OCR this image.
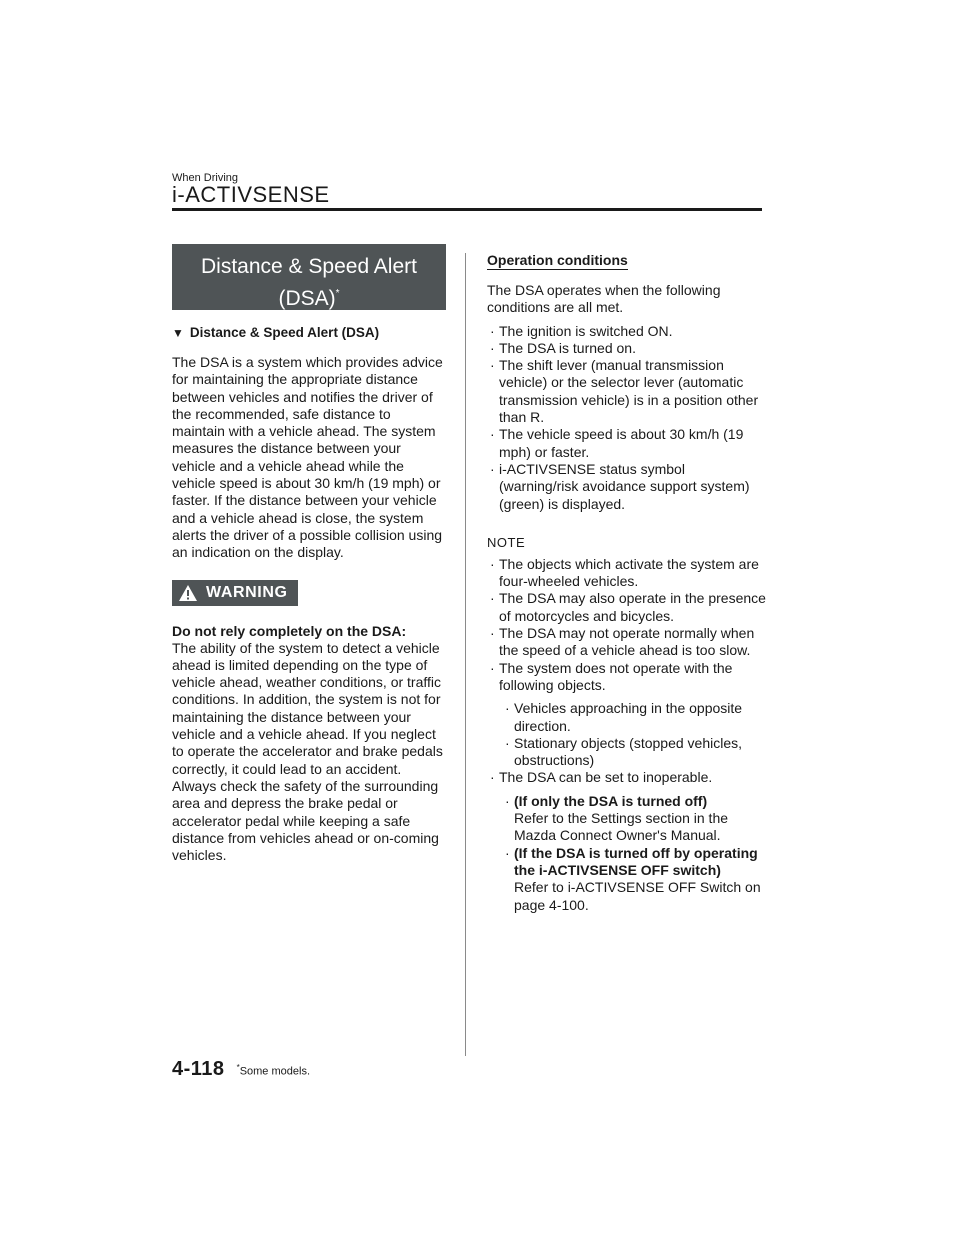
When Driving
i-ACTIVSENSE
Distance & Speed Alert
(DSA)*
▼ Distance & Speed Alert (DSA)

The DSA is a system which provides advice for maintaining the appropriate distance between vehicles and notifies the driver of the recommended, safe distance to maintain with a vehicle ahead. The system measures the distance between your vehicle and a vehicle ahead while the vehicle speed is about 30 km/h (19 mph) or faster. If the distance between your vehicle and a vehicle ahead is close, the system alerts the driver of a possible collision using an indication on the display.

WARNING
Do not rely completely on the DSA:

The ability of the system to detect a vehicle ahead is limited depending on the type of vehicle ahead, weather conditions, or traffic conditions. In addition, the system is not for maintaining the distance between your vehicle and a vehicle ahead. If you neglect to operate the accelerator and brake pedals correctly, it could lead to an accident. Always check the safety of the surrounding area and depress the brake pedal or accelerator pedal while keeping a safe distance from vehicles ahead or on-coming vehicles.

Operation conditions

The DSA operates when the following conditions are all met.

· The ignition is switched ON.
· The DSA is turned on.
· The shift lever (manual transmission vehicle) or the selector lever (automatic transmission vehicle) is in a position other than R.
· The vehicle speed is about 30 km/h (19 mph) or faster.
· i-ACTIVSENSE status symbol (warning/risk avoidance support system) (green) is displayed.
NOTE
· The objects which activate the system are four-wheeled vehicles.
· The DSA may also operate in the presence of motorcycles and bicycles.
· The DSA may not operate normally when the speed of a vehicle ahead is too slow.
· The system does not operate with the following objects.
· Vehicles approaching in the opposite direction.
· Stationary objects (stopped vehicles, obstructions)
· The DSA can be set to inoperable.
· (If only the DSA is turned off)
Refer to the Settings section in the Mazda Connect Owner's Manual.
· (If the DSA is turned off by operating the i-ACTIVSENSE OFF switch)
Refer to i-ACTIVSENSE OFF Switch on page 4-100.
4-118 *Some models.
